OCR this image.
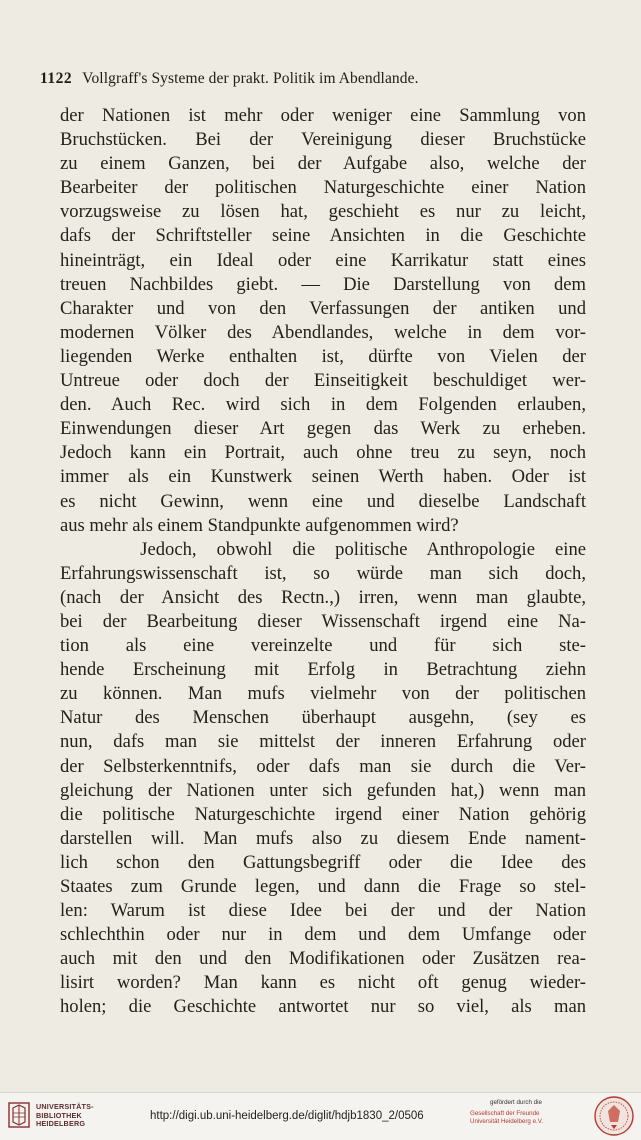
1122 Vollgraff's Systeme der prakt. Politik im Abendlande.
der Nationen ist mehr oder weniger eine Sammlung von
Bruchstücken. Bei der Vereinigung dieser Bruchstücke
zu einem Ganzen, bei der Aufgabe also, welche der
Bearbeiter der politischen Naturgeschichte einer Nation
vorzugsweise zu lösen hat, geschieht es nur zu leicht,
dafs der Schriftsteller seine Ansichten in die Geschichte
hineinträgt, ein Ideal oder eine Karrikatur statt eines
treuen Nachbildes giebt. — Die Darstellung von dem
Charakter und von den Verfassungen der antiken und
modernen Völker des Abendlandes, welche in dem vor-
liegenden Werke enthalten ist, dürfte von Vielen der
Untreue oder doch der Einseitigkeit beschuldiget wer-
den. Auch Rec. wird sich in dem Folgenden erlauben,
Einwendungen dieser Art gegen das Werk zu erheben.
Jedoch kann ein Portrait, auch ohne treu zu seyn, noch
immer als ein Kunstwerk seinen Werth haben. Oder ist
es nicht Gewinn, wenn eine und dieselbe Landschaft
aus mehr als einem Standpunkte aufgenommen wird?
Jedoch, obwohl die politische Anthropologie eine
Erfahrungswissenschaft ist, so würde man sich doch,
(nach der Ansicht des Rectn.,) irren, wenn man glaubte,
bei der Bearbeitung dieser Wissenschaft irgend eine Na-
tion als eine vereinzelte und für sich ste-
hende Erscheinung mit Erfolg in Betrachtung ziehn
zu können. Man mufs vielmehr von der politischen
Natur des Menschen überhaupt ausgehn, (sey es
nun, dafs man sie mittelst der inneren Erfahrung oder
der Selbsterkenntnifs, oder dafs man sie durch die Ver-
gleichung der Nationen unter sich gefunden hat,) wenn man
die politische Naturgeschichte irgend einer Nation gehörig
darstellen will. Man mufs also zu diesem Ende nament-
lich schon den Gattungsbegriff oder die Idee des
Staates zum Grunde legen, und dann die Frage so stel-
len: Warum ist diese Idee bei der und der Nation
schlechthin oder nur in dem und dem Umfange oder
auch mit den und den Modifikationen oder Zusätzen rea-
lisirt worden? Man kann es nicht oft genug wieder-
holen; die Geschichte antwortet nur so viel, als man
UNIVERSITÄTS-
BIBLIOTHEK
HEIDELBERG
http://digi.ub.uni-heidelberg.de/diglit/hdjb1830_2/0506
gefördert durch die
Gesellschaft der Freunde
Universität Heidelberg e.V.
